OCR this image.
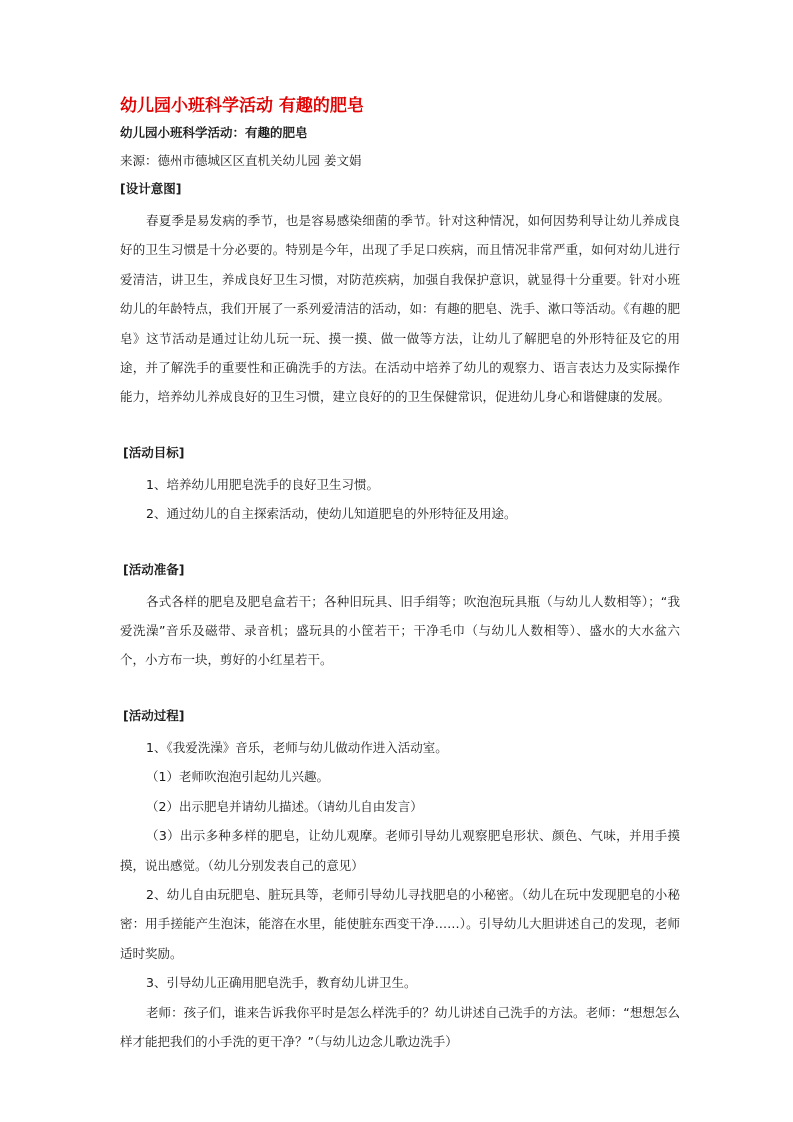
幼儿园小班科学活动 有趣的肥皂
幼儿园小班科学活动：有趣的肥皂
来源：德州市德城区区直机关幼儿园 姜文娟
[设计意图]

春夏季是易发病的季节，也是容易感染细菌的季节。针对这种情况，如何因势利导让幼儿养成良好的卫生习惯是十分必要的。特别是今年，出现了手足口疾病，而且情况非常严重，如何对幼儿进行爱清洁，讲卫生，养成良好卫生习惯，对防范疾病，加强自我保护意识，就显得十分重要。针对小班幼儿的年龄特点，我们开展了一系列爱清洁的活动，如：有趣的肥皂、洗手、漱口等活动。《有趣的肥皂》这节活动是通过让幼儿玩一玩、摸一摸、做一做等方法，让幼儿了解肥皂的外形特征及它的用途，并了解洗手的重要性和正确洗手的方法。在活动中培养了幼儿的观察力、语言表达力及实际操作能力，培养幼儿养成良好的卫生习惯，建立良好的的卫生保健常识，促进幼儿身心和谐健康的发展。

[活动目标]

1、培养幼儿用肥皂洗手的良好卫生习惯。

2、通过幼儿的自主探索活动，使幼儿知道肥皂的外形特征及用途。

[活动准备]

各式各样的肥皂及肥皂盒若干；各种旧玩具、旧手绢等；吹泡泡玩具瓶（与幼儿人数相等）；“我爱洗澡”音乐及磁带、录音机；盛玩具的小筐若干；干净毛巾（与幼儿人数相等）、盛水的大水盆六个，小方布一块，剪好的小红星若干。

[活动过程]

1、《我爱洗澡》音乐，老师与幼儿做动作进入活动室。

（1）老师吹泡泡引起幼儿兴趣。

（2）出示肥皂并请幼儿描述。（请幼儿自由发言）

（3）出示多种多样的肥皂，让幼儿观摩。老师引导幼儿观察肥皂形状、颜色、气味，并用手摸摸，说出感觉。（幼儿分别发表自己的意见）

2、幼儿自由玩肥皂、脏玩具等，老师引导幼儿寻找肥皂的小秘密。（幼儿在玩中发现肥皂的小秘密：用手搓能产生泡沫，能溶在水里，能使脏东西变干净……）。引导幼儿大胆讲述自己的发现，老师适时奖励。

3、引导幼儿正确用肥皂洗手，教育幼儿讲卫生。

老师：孩子们，谁来告诉我你平时是怎么样洗手的？幼儿讲述自己洗手的方法。老师：“想想怎么样才能把我们的小手洗的更干净？”（与幼儿边念儿歌边洗手）
